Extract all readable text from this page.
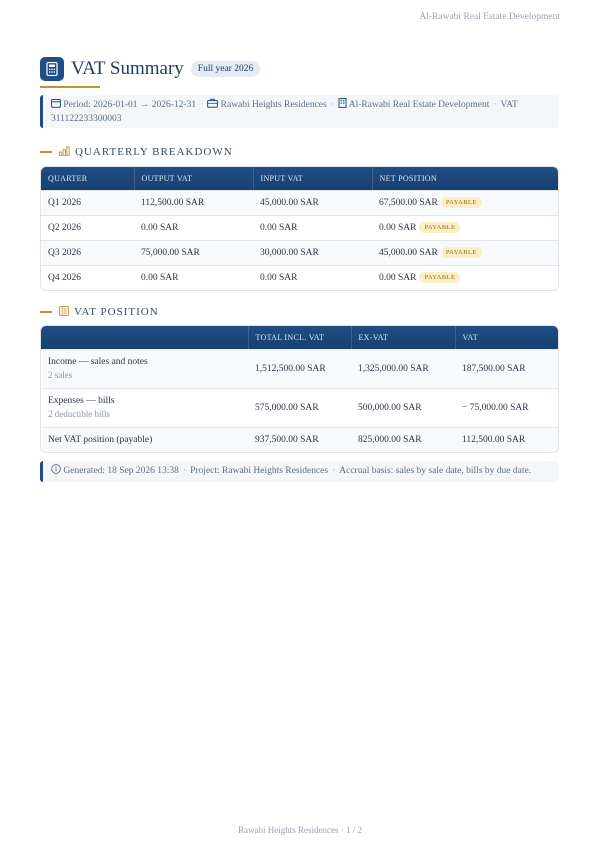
Al-Rawabi Real Estate Development
VAT Summary	Full year 2026
Period: 2026-01-01 → 2026-12-31 · Rawabi Heights Residences · Al-Rawabi Real Estate Development · VAT 311122233300003
QUARTERLY BREAKDOWN
QUARTER	OUTPUT VAT	INPUT VAT	NET POSITION
Q1 2026	112,500.00 SAR	45,000.00 SAR	67,500.00 SAR PAYABLE
Q2 2026	0.00 SAR	0.00 SAR	0.00 SAR PAYABLE
Q3 2026	75,000.00 SAR	30,000.00 SAR	45,000.00 SAR PAYABLE
Q4 2026	0.00 SAR	0.00 SAR	0.00 SAR PAYABLE
VAT POSITION
	TOTAL INCL. VAT	EX-VAT	VAT
Income — sales and notes
2 sales	1,512,500.00 SAR	1,325,000.00 SAR	187,500.00 SAR
Expenses — bills
2 deductible bills	575,000.00 SAR	500,000.00 SAR	− 75,000.00 SAR
Net VAT position (payable)	937,500.00 SAR	825,000.00 SAR	112,500.00 SAR
Generated: 18 Sep 2026 13:38 · Project: Rawabi Heights Residences · Accrual basis: sales by sale date, bills by due date.
Rawabi Heights Residences · 1 / 2
